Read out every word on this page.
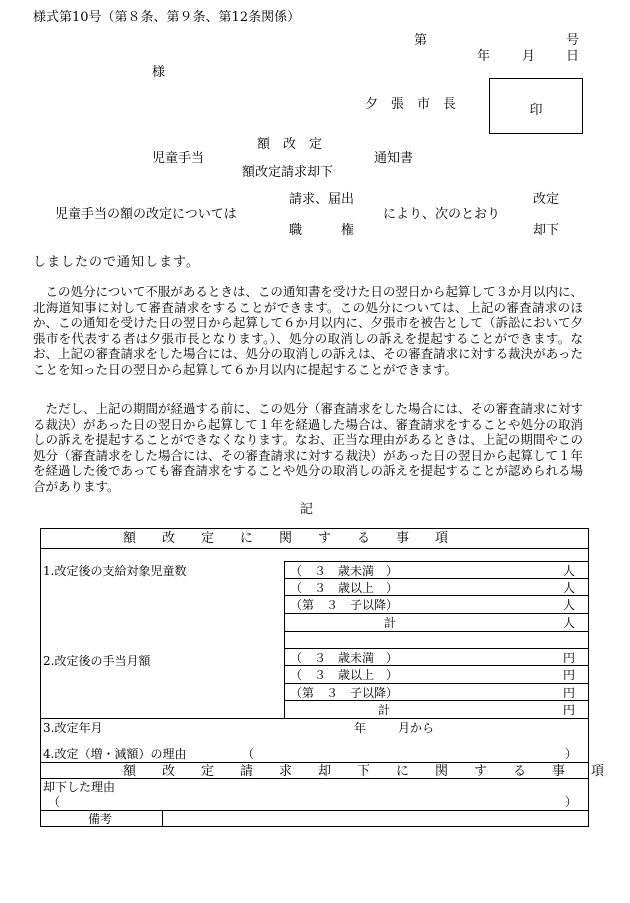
様式第10号（第８条、第９条、第12条関係）
第	号
年 月 日
様
夕　張　市　長	印
額　改　定
児童手当	通知書
額改定請求却下
請求、届出	改定
児童手当の額の改定については	により、次のとおり
職　　　権	却下
しましたので通知します。
　この処分について不服があるときは、この通知書を受けた日の翌日から起算して３か月以内に、北海道知事に対して審査請求をすることができます。この処分については、上記の審査請求のほか、この通知を受けた日の翌日から起算して６か月以内に、夕張市を被告として（訴訟において夕張市を代表する者は夕張市長となります。）、処分の取消しの訴えを提起することができます。なお、上記の審査請求をした場合には、処分の取消しの訴えは、その審査請求に対する裁決があったことを知った日の翌日から起算して６か月以内に提起することができます。
　ただし、上記の期間が経過する前に、この処分（審査請求をした場合には、その審査請求に対する裁決）があった日の翌日から起算して１年を経過した場合は、審査請求をすることや処分の取消しの訴えを提起することができなくなります。なお、正当な理由があるときは、上記の期間やこの処分（審査請求をした場合には、その審査請求に対する裁決）があった日の翌日から起算して１年を経過した後であっても審査請求をすることや処分の取消しの訴えを提起することが認められる場合があります。
記
額　　改　　定　　に　　関　　す　　る　　事　　項
1.改定後の支給対象児童数	（　３　歳未満　）	人
（　３　歳以上　）	人
（第　３　子以降）	人
計	人
2.改定後の手当月額	（　３　歳未満　）	円
（　３　歳以上　）	円
（第　３　子以降）	円
計	円
3.改定年月	年	月から
4.改定（増・減額）の理由	（	）
額　　改　　定　　請　　求　　却　　下　　に　　関　　す　　る　　事　　項
却下した理由
（	）
備考
